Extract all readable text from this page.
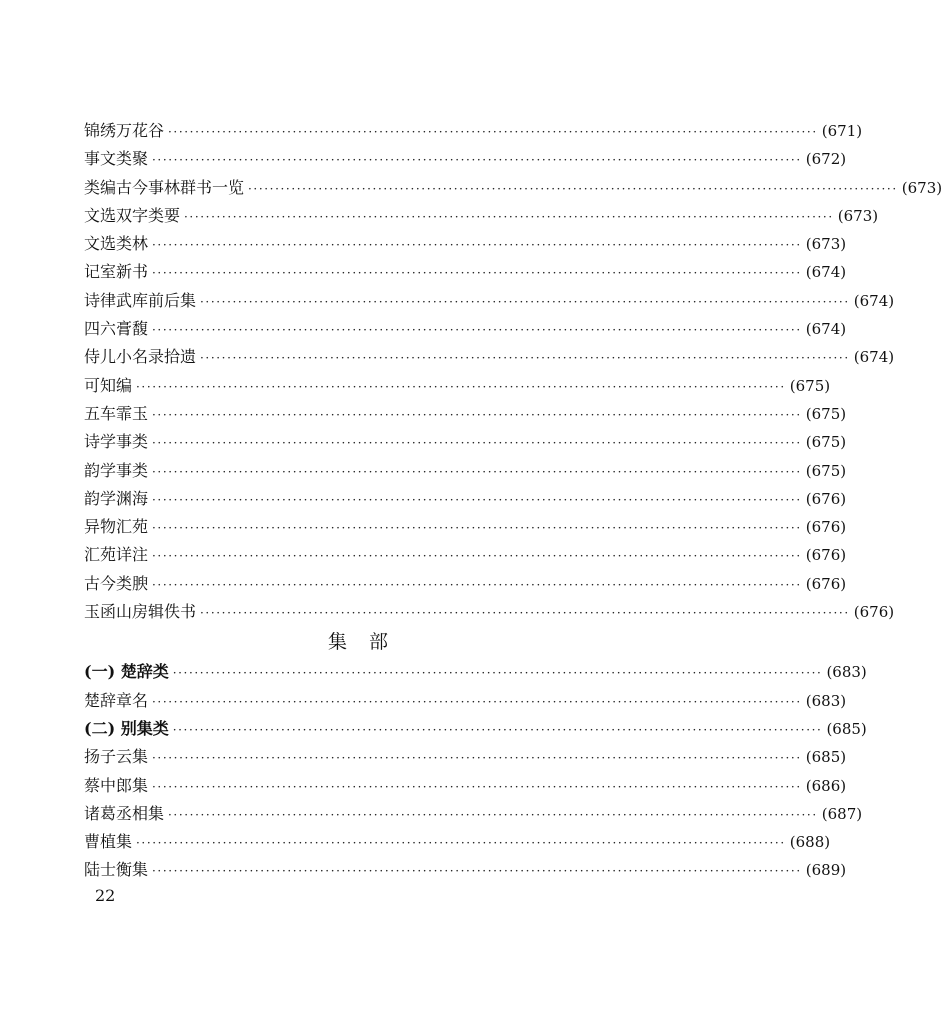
锦绣万花谷 ························································································································ (671)
事文类聚 ························································································································ (672)
类编古今事林群书一览 ························································································································ (673)
文选双字类要 ························································································································ (673)
文选类林 ························································································································ (673)
记室新书 ························································································································ (674)
诗律武库前后集 ························································································································ (674)
四六膏馥 ························································································································ (674)
侍儿小名录拾遗 ························································································································ (674)
可知编 ························································································································ (675)
五车霏玉 ························································································································ (675)
诗学事类 ························································································································ (675)
韵学事类 ························································································································ (675)
韵学渊海 ························································································································ (676)
异物汇苑 ························································································································ (676)
汇苑详注 ························································································································ (676)
古今类腴 ························································································································ (676)
玉函山房辑佚书 ························································································································ (676)
集部
(一) 楚辞类 ························································································································ (683)
楚辞章名 ························································································································ (683)
(二) 别集类 ························································································································ (685)
扬子云集 ························································································································ (685)
蔡中郎集 ························································································································ (686)
诸葛丞相集 ························································································································ (687)
曹植集 ························································································································ (688)
陆士衡集 ························································································································ (689)
22
